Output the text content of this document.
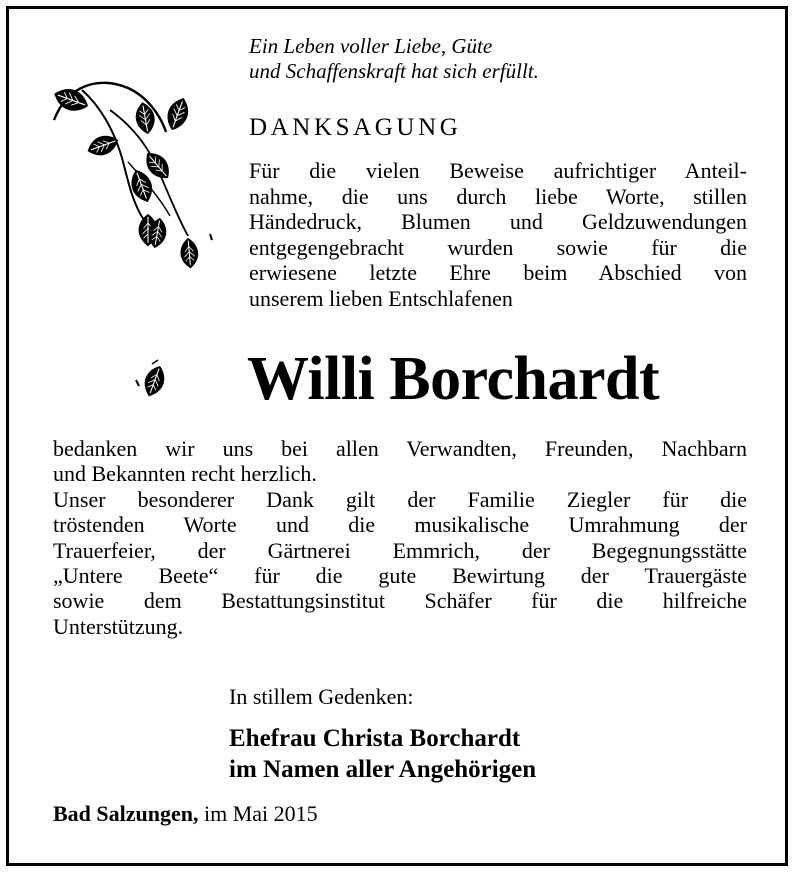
Ein Leben voller Liebe, Güte
und Schaffenskraft hat sich erfüllt.
DANKSAGUNG
Für die vielen Beweise aufrichtiger Anteil-
nahme, die uns durch liebe Worte, stillen
Händedruck, Blumen und Geldzuwendungen
entgegengebracht wurden sowie für die
erwiesene letzte Ehre beim Abschied von
unserem lieben Entschlafenen
Willi Borchardt
bedanken wir uns bei allen Verwandten, Freunden, Nachbarn
und Bekannten recht herzlich.
Unser besonderer Dank gilt der Familie Ziegler für die
tröstenden Worte und die musikalische Umrahmung der
Trauerfeier, der Gärtnerei Emmrich, der Begegnungsstätte
„Untere Beete“ für die gute Bewirtung der Trauergäste
sowie dem Bestattungsinstitut Schäfer für die hilfreiche
Unterstützung.
In stillem Gedenken:
Ehefrau Christa Borchardt
im Namen aller Angehörigen
Bad Salzungen, im Mai 2015
